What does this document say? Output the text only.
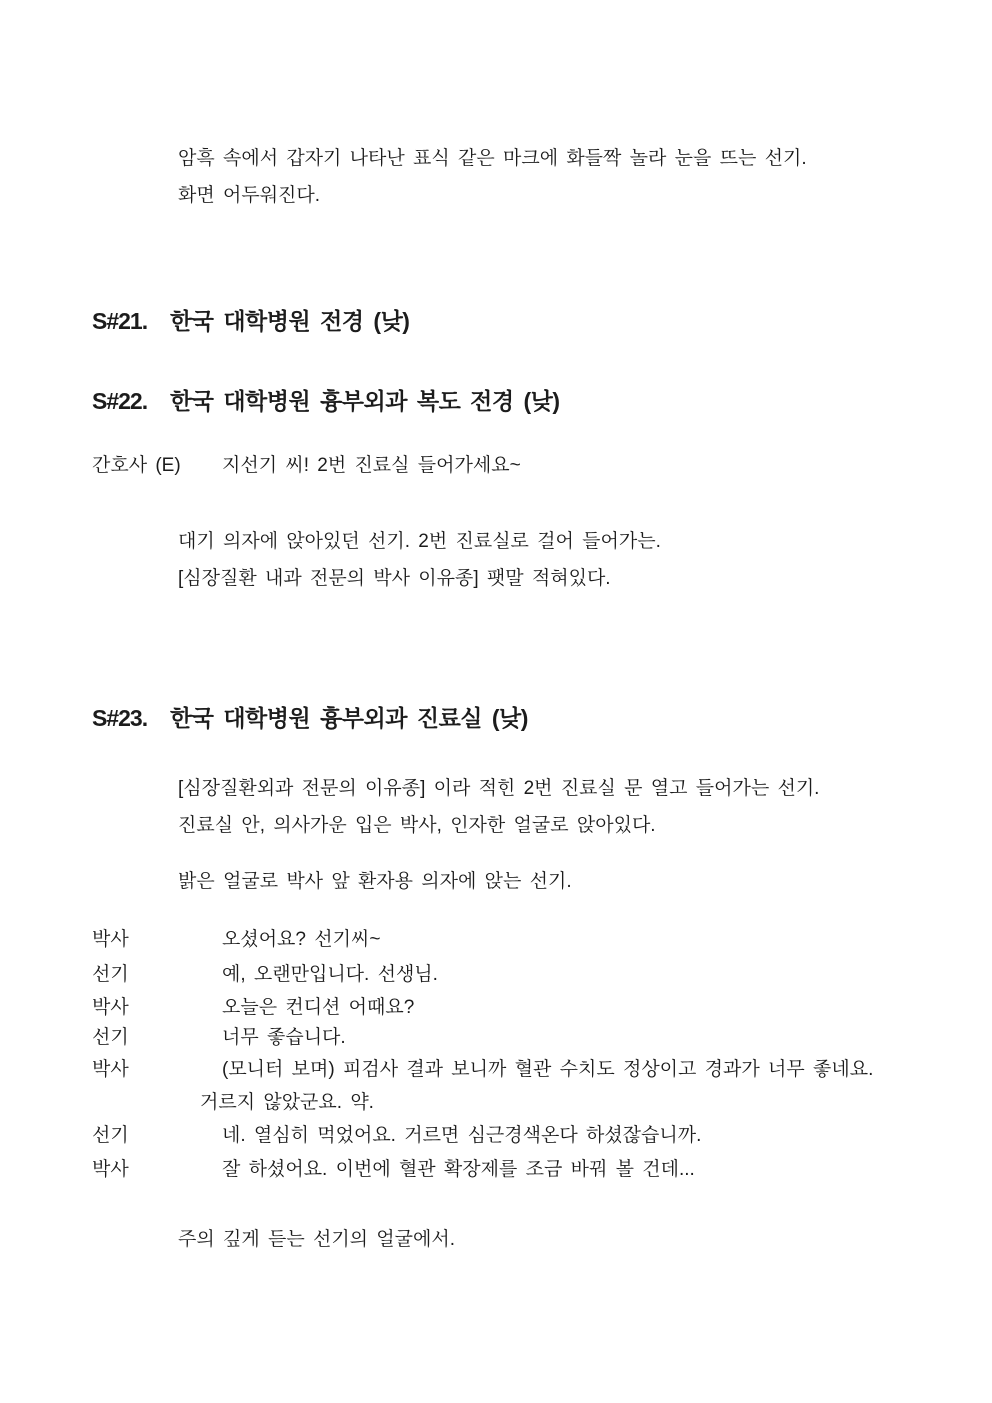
암흑 속에서 갑자기 나타난 표식 같은 마크에 화들짝 놀라 눈을 뜨는 선기.
화면 어두워진다.
S#21. 한국 대학병원 전경 (낮)
S#22. 한국 대학병원 흉부외과 복도 전경 (낮)
간호사 (E) 지선기 씨! 2번 진료실 들어가세요~
대기 의자에 앉아있던 선기. 2번 진료실로 걸어 들어가는.
[심장질환 내과 전문의 박사 이유종] 팻말 적혀있다.
S#23. 한국 대학병원 흉부외과 진료실 (낮)
[심장질환외과 전문의 이유종] 이라 적힌 2번 진료실 문 열고 들어가는 선기.
진료실 안, 의사가운 입은 박사, 인자한 얼굴로 앉아있다.
밝은 얼굴로 박사 앞 환자용 의자에 앉는 선기.
박사	오셨어요? 선기씨~
선기	예, 오랜만입니다. 선생님.
박사	오늘은 컨디션 어때요?
선기	너무 좋습니다.
박사	(모니터 보며) 피검사 결과 보니까 혈관 수치도 정상이고 경과가 너무 좋네요.
거르지 않았군요. 약.
선기	네. 열심히 먹었어요. 거르면 심근경색온다 하셨잖습니까.
박사	잘 하셨어요. 이번에 혈관 확장제를 조금 바꿔 볼 건데...
주의 깊게 듣는 선기의 얼굴에서.
